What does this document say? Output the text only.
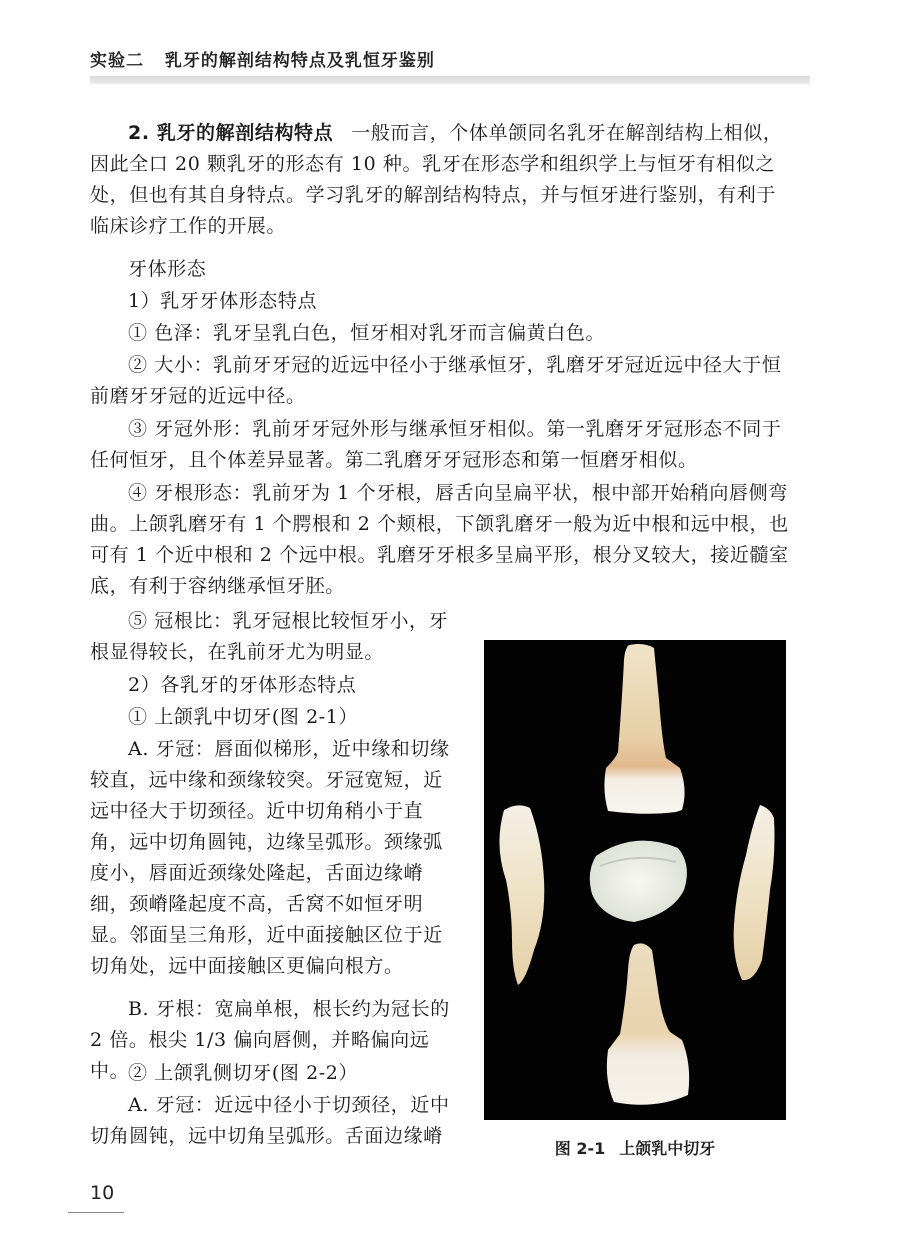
实验二 乳牙的解剖结构特点及乳恒牙鉴别

2. 乳牙的解剖结构特点 一般而言，个体单颌同名乳牙在解剖结构上相似，因此全口 20 颗乳牙的形态有 10 种。乳牙在形态学和组织学上与恒牙有相似之处，但也有其自身特点。学习乳牙的解剖结构特点，并与恒牙进行鉴别，有利于临床诊疗工作的开展。

牙体形态

1）乳牙牙体形态特点

① 色泽：乳牙呈乳白色，恒牙相对乳牙而言偏黄白色。

② 大小：乳前牙牙冠的近远中径小于继承恒牙，乳磨牙牙冠近远中径大于恒前磨牙牙冠的近远中径。

③ 牙冠外形：乳前牙牙冠外形与继承恒牙相似。第一乳磨牙牙冠形态不同于任何恒牙，且个体差异显著。第二乳磨牙牙冠形态和第一恒磨牙相似。

④ 牙根形态：乳前牙为 1 个牙根，唇舌向呈扁平状，根中部开始稍向唇侧弯曲。上颌乳磨牙有 1 个腭根和 2 个颊根，下颌乳磨牙一般为近中根和远中根，也可有 1 个近中根和 2 个远中根。乳磨牙牙根多呈扁平形，根分叉较大，接近髓室底，有利于容纳继承恒牙胚。

⑤ 冠根比：乳牙冠根比较恒牙小，牙根显得较长，在乳前牙尤为明显。

2）各乳牙的牙体形态特点

① 上颌乳中切牙(图 2-1）

A. 牙冠：唇面似梯形，近中缘和切缘较直，远中缘和颈缘较突。牙冠宽短，近远中径大于切颈径。近中切角稍小于直角，远中切角圆钝，边缘呈弧形。颈缘弧度小，唇面近颈缘处隆起，舌面边缘嵴细，颈嵴隆起度不高，舌窝不如恒牙明显。邻面呈三角形，近中面接触区位于近切角处，远中面接触区更偏向根方。

B. 牙根：宽扁单根，根长约为冠长的 2 倍。根尖 1/3 偏向唇侧，并略偏向远中。

② 上颌乳侧切牙(图 2-2）

A. 牙冠：近远中径小于切颈径，近中切角圆钝，远中切角呈弧形。舌面边缘嵴

图 2-1 上颌乳中切牙
10
